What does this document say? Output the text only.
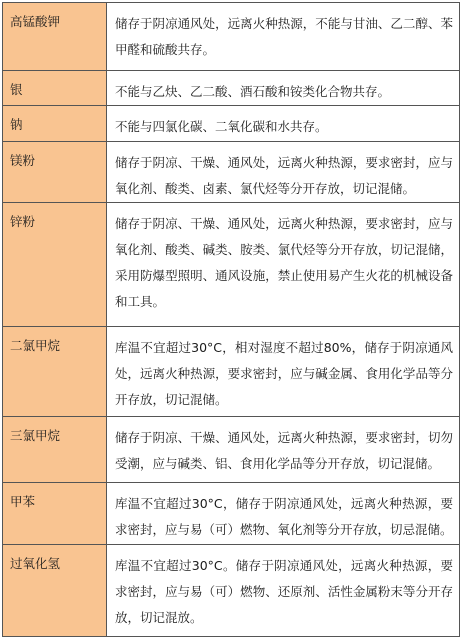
高锰酸钾	储存于阴凉通风处，远离火种热源，不能与甘油、乙二醇、苯甲醛和硫酸共存。
银	不能与乙炔、乙二酸、酒石酸和铵类化合物共存。
钠	不能与四氯化碳、二氧化碳和水共存。
镁粉	储存于阴凉、干燥、通风处，远离火种热源，要求密封，应与氧化剂、酸类、卤素、氯代烃等分开存放，切记混储。
锌粉	储存于阴凉、干燥、通风处，远离火种热源，要求密封，应与氧化剂、酸类、碱类、胺类、氯代烃等分开存放，切记混储，采用防爆型照明、通风设施，禁止使用易产生火花的机械设备和工具。
二氯甲烷	库温不宜超过30°C，相对湿度不超过80%，储存于阴凉通风处，远离火种热源，要求密封，应与碱金属、食用化学品等分开存放，切记混储。
三氯甲烷	储存于阴凉、干燥、通风处，远离火种热源，要求密封，切勿受潮，应与碱类、铝、食用化学品等分开存放，切记混储。
甲苯	库温不宜超过30°C，储存于阴凉通风处，远离火种热源，要求密封，应与易（可）燃物、氧化剂等分开存放，切忌混储。
过氧化氢	库温不宜超过30°C。储存于阴凉通风处，远离火种热源，要求密封，应与易（可）燃物、还原剂、活性金属粉末等分开存放，切记混放。
